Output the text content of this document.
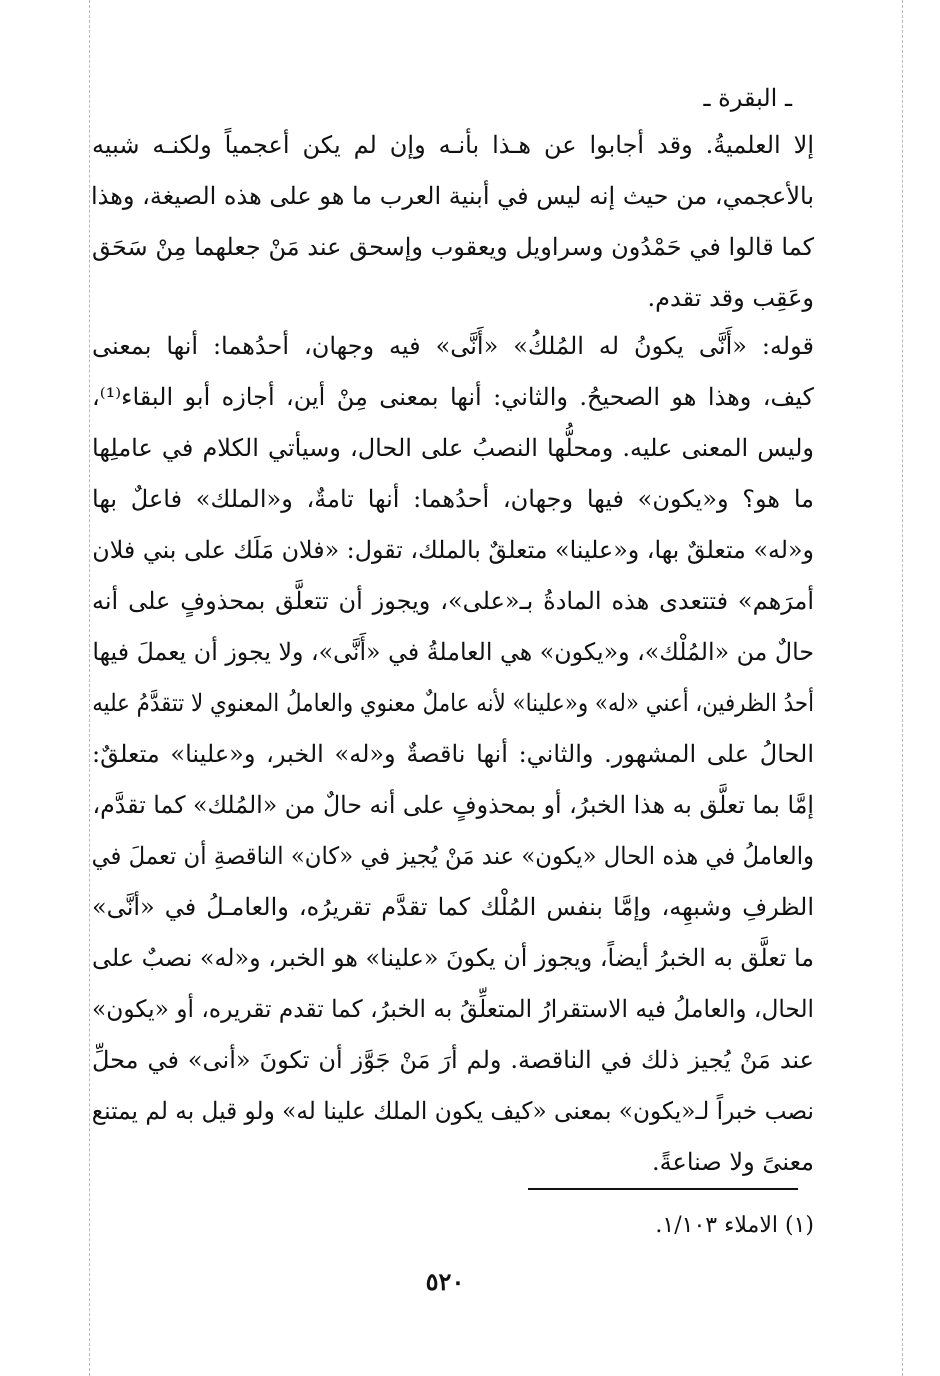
ـ البقرة ـ
إلا العلميةُ. وقد أجابوا عن هـذا بأنـه وإن لم يكن أعجمياً ولكنـه شبيه
بالأعجمي، من حيث إنه ليس في أبنية العرب ما هو على هذه الصيغة، وهذا
كما قالوا في حَمْدُون وسراويل ويعقوب وإسحق عند مَنْ جعلهما مِنْ سَحَق
وعَقِب وقد تقدم.
قوله: «أَنَّى يكونُ له المُلكُ» «أَنَّى» فيه وجهان، أحدُهما: أنها بمعنى
كيف، وهذا هو الصحيحُ. والثاني: أنها بمعنى مِنْ أين، أجازه أبو البقاء⁽¹⁾،
وليس المعنى عليه. ومحلُّها النصبُ على الحال، وسيأتي الكلام في عاملِها
ما هو؟ و«يكون» فيها وجهان، أحدُهما: أنها تامةٌ، و«الملك» فاعلٌ بها
و«له» متعلقٌ بها، و«علينا» متعلقٌ بالملك، تقول: «فلان مَلَك على بني فلان
أمرَهم» فتتعدى هذه المادةُ بـ«على»، ويجوز أن تتعلَّق بمحذوفٍ على أنه
حالٌ من «المُلْك»، و«يكون» هي العاملةُ في «أَنَّى»، ولا يجوز أن يعملَ فيها
أحدُ الظرفين، أعني «له» و«علينا» لأنه عاملٌ معنوي والعاملُ المعنوي لا تتقدَّمُ عليه
الحالُ على المشهور. والثاني: أنها ناقصةٌ و«له» الخبر، و«علينا» متعلقٌ:
إمَّا بما تعلَّق به هذا الخبرُ، أو بمحذوفٍ على أنه حالٌ من «المُلك» كما تقدَّم،
والعاملُ في هذه الحال «يكون» عند مَنْ يُجيز في «كان» الناقصةِ أن تعملَ في
الظرفِ وشبهِه، وإمَّا بنفس المُلْك كما تقدَّم تقريرُه، والعامـلُ في «أنَّى»
ما تعلَّق به الخبرُ أيضاً، ويجوز أن يكونَ «علينا» هو الخبر، و«له» نصبٌ على
الحال، والعاملُ فيه الاستقرارُ المتعلِّقُ به الخبرُ، كما تقدم تقريره، أو «يكون»
عند مَنْ يُجيز ذلك في الناقصة. ولم أرَ مَنْ جَوَّز أن تكونَ «أنى» في محلِّ
نصب خبراً لـ«يكون» بمعنى «كيف يكون الملك علينا له» ولو قيل به لم يمتنع
معنىً ولا صناعةً.
(١) الاملاء ١/١٠٣.
٥٢٠
